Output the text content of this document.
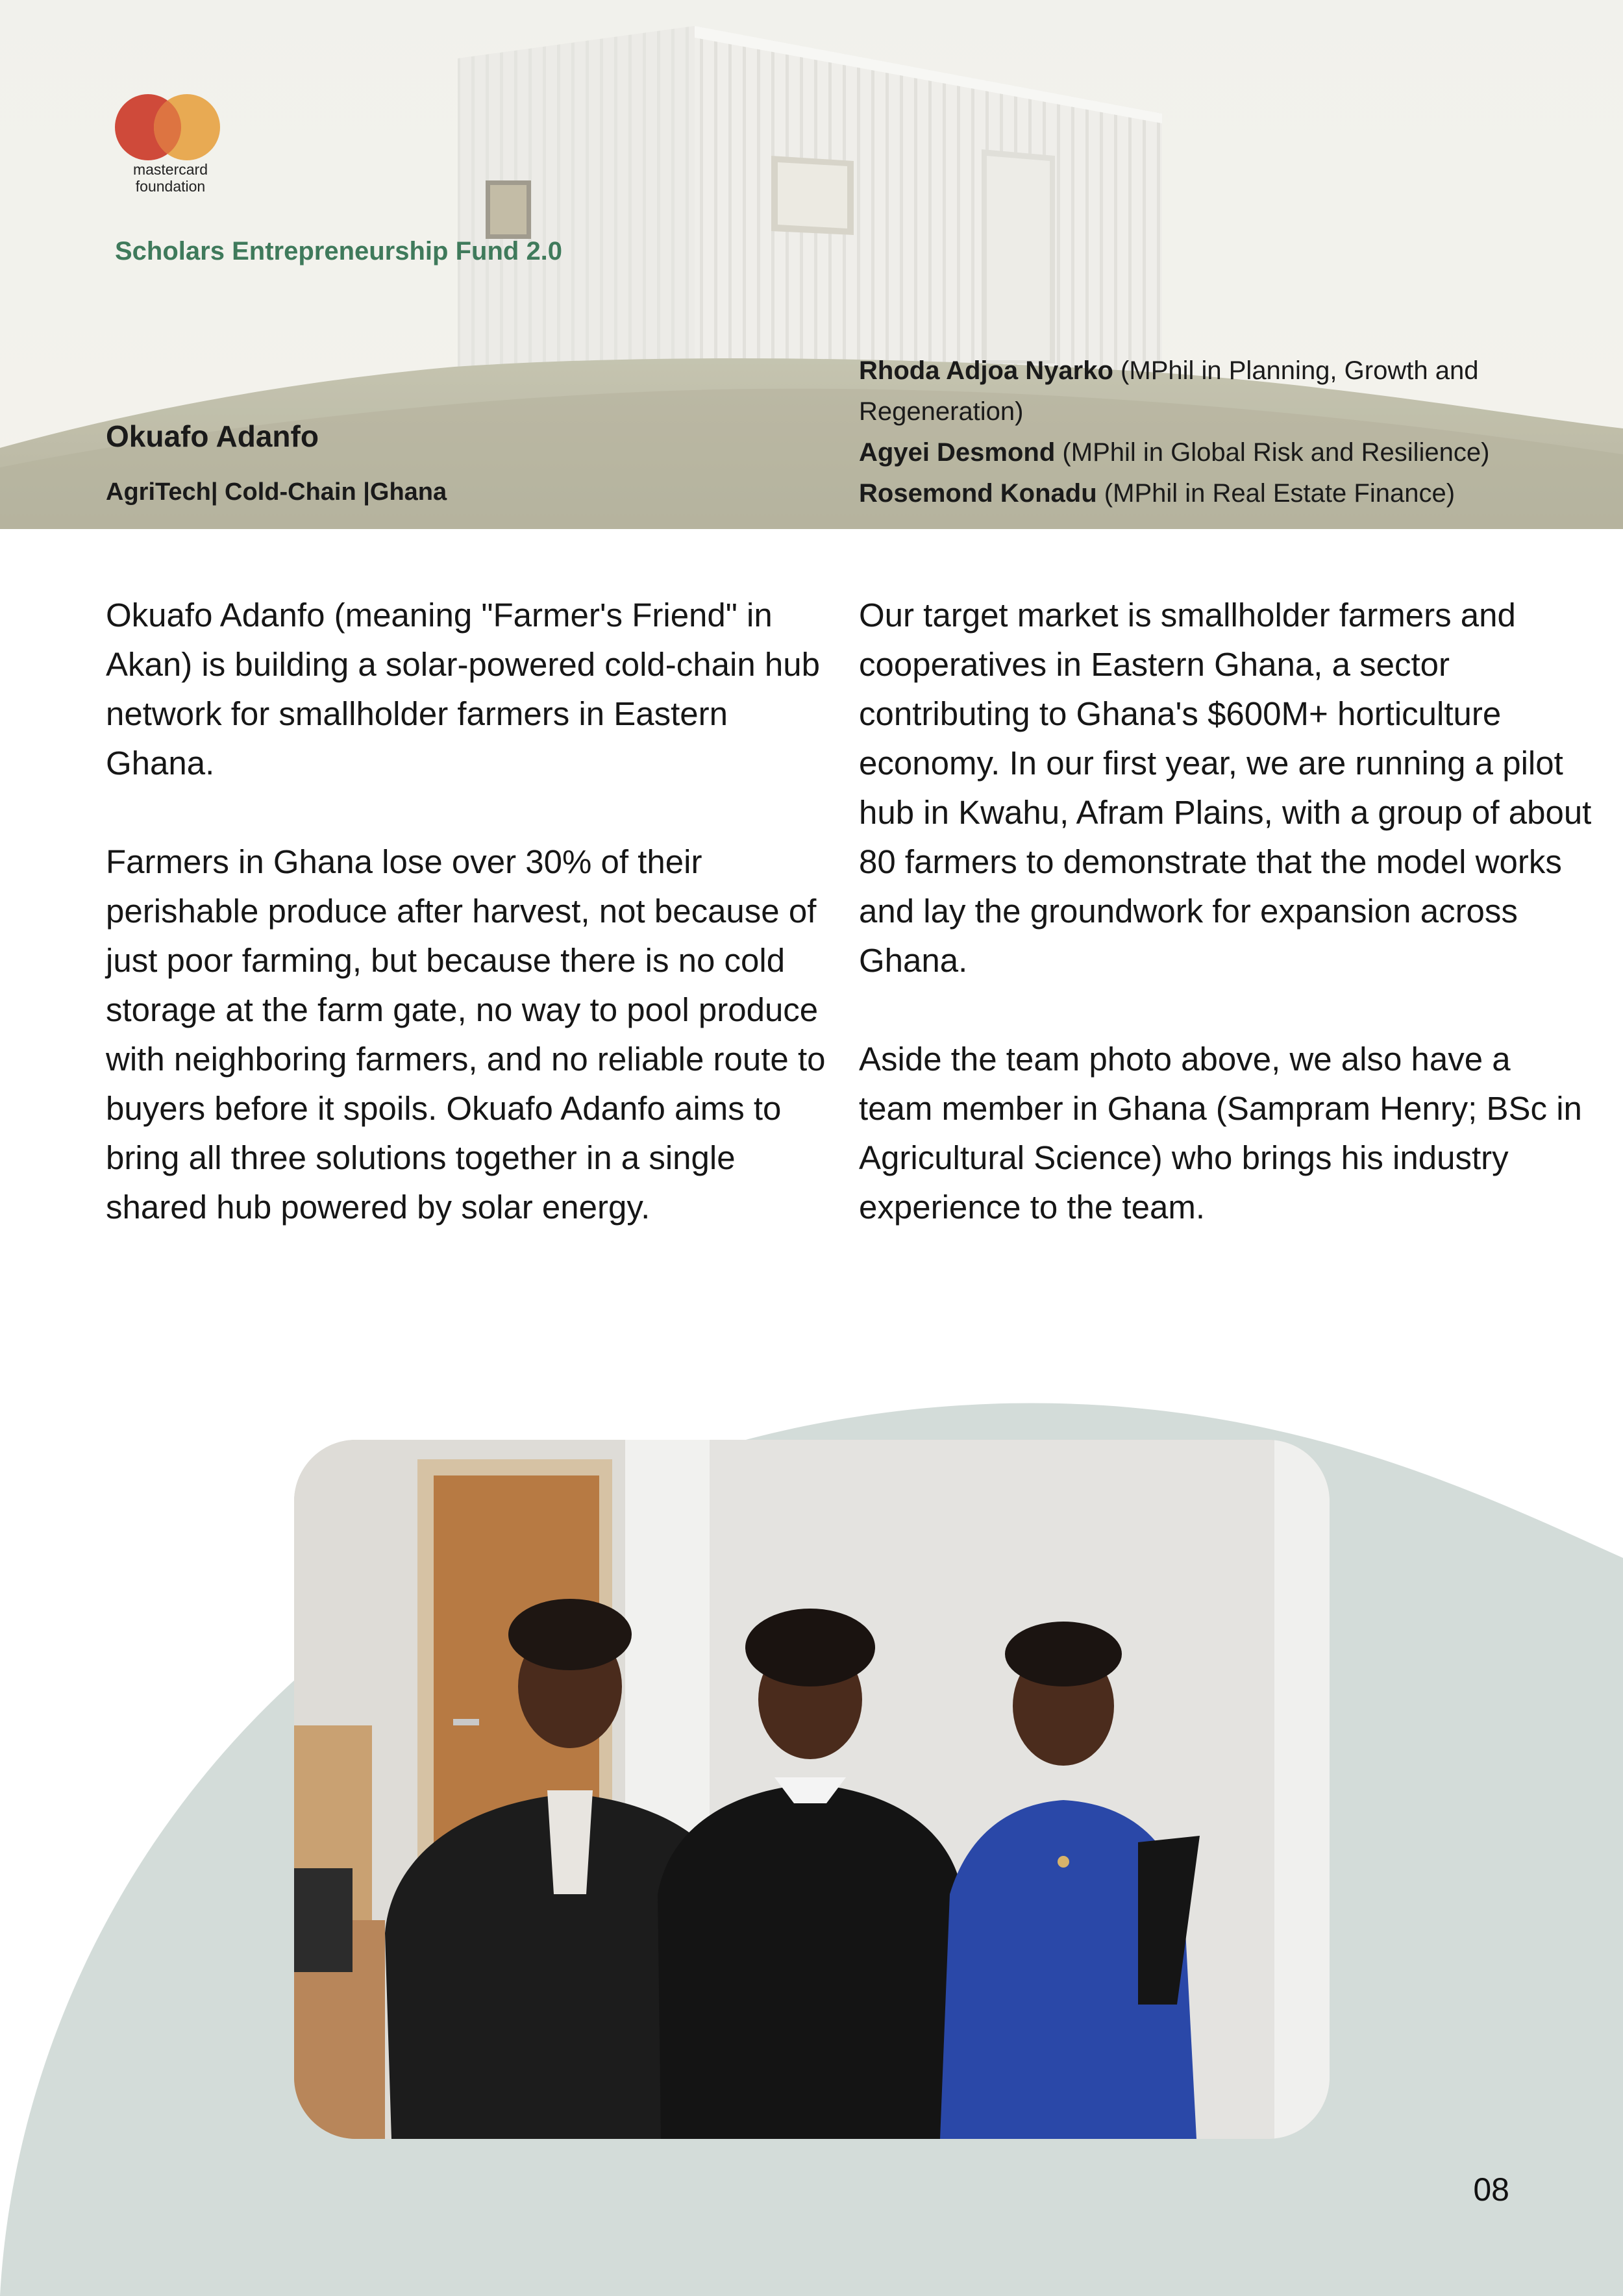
mastercard
foundation
Scholars Entrepreneurship Fund 2.0
Okuafo Adanfo
AgriTech| Cold-Chain |Ghana
Rhoda Adjoa Nyarko (MPhil in Planning, Growth and Regeneration)
Agyei Desmond (MPhil in Global Risk and Resilience)
Rosemond Konadu (MPhil in Real Estate Finance)

Okuafo Adanfo (meaning "Farmer's Friend" in Akan) is building a solar-powered cold-chain hub network for smallholder farmers in Eastern Ghana.

Farmers in Ghana lose over 30% of their perishable produce after harvest, not because of just poor farming, but because there is no cold storage at the farm gate, no way to pool produce with neighboring farmers, and no reliable route to buyers before it spoils. Okuafo Adanfo aims to bring all three solutions together in a single shared hub powered by solar energy.

Our target market is smallholder farmers and cooperatives in Eastern Ghana, a sector contributing to Ghana's $600M+ horticulture economy. In our first year, we are running a pilot hub in Kwahu, Afram Plains, with a group of about 80 farmers to demonstrate that the model works and lay the groundwork for expansion across Ghana.

Aside the team photo above, we also have a team member in Ghana (Sampram Henry; BSc in Agricultural Science) who brings his industry experience to the team.

08
